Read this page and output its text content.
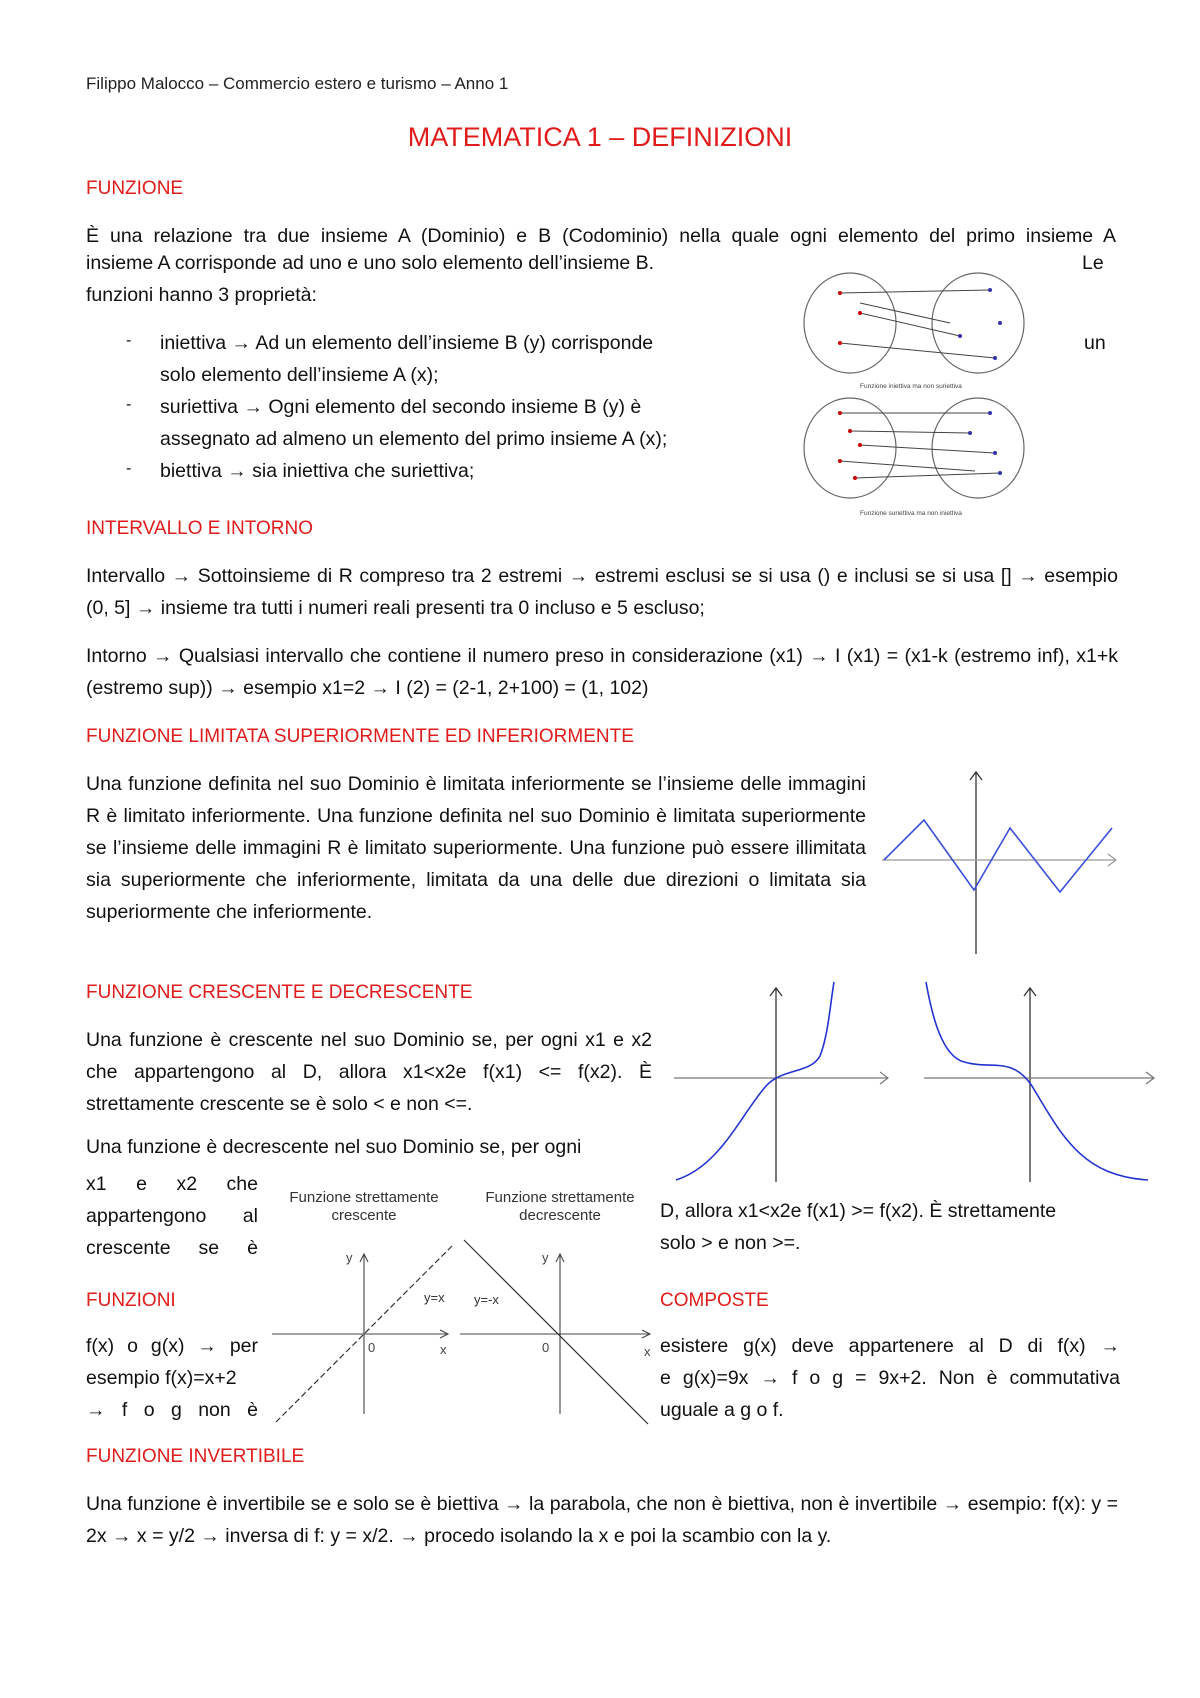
Filippo Malocco – Commercio estero e turismo – Anno 1
MATEMATICA 1 – DEFINIZIONI
FUNZIONE
È una relazione tra due insieme A (Dominio) e B (Codominio) nella quale ogni elemento del primo insieme A
insieme A corrisponde ad uno e uno solo elemento dell’insieme B.	Le
funzioni hanno 3 proprietà:
- iniettiva → Ad un elemento dell’insieme B (y) corrisponde
solo elemento dell’insieme A (x);
- suriettiva → Ogni elemento del secondo insieme B (y) è
assegnato ad almeno un elemento del primo insieme A (x);
- biettiva → sia iniettiva che suriettiva;
un
Funzione iniettiva ma non suriettiva
Funzione suriettiva ma non iniettiva
INTERVALLO E INTORNO
Intervallo → Sottoinsieme di R compreso tra 2 estremi → estremi esclusi se si usa () e inclusi se si usa [] → esempio (0, 5] → insieme tra tutti i numeri reali presenti tra 0 incluso e 5 escluso;
Intorno → Qualsiasi intervallo che contiene il numero preso in considerazione (x1) → I (x1) = (x1-k (estremo inf), x1+k (estremo sup)) → esempio x1=2 → I (2) = (2-1, 2+100) = (1, 102)
FUNZIONE LIMITATA SUPERIORMENTE ED INFERIORMENTE
Una funzione definita nel suo Dominio è limitata inferiormente se l’insieme delle immagini R è limitato inferiormente. Una funzione definita nel suo Dominio è limitata superiormente se l’insieme delle immagini R è limitato superiormente. Una funzione può essere illimitata sia superiormente che inferiormente, limitata da una delle due direzioni o limitata sia superiormente che inferiormente.
FUNZIONE CRESCENTE E DECRESCENTE
Una funzione è crescente nel suo Dominio se, per ogni x1 e x2 che appartengono al D, allora x1<x2e f(x1) <= f(x2). È strettamente crescente se è solo < e non <=.
Una funzione è decrescente nel suo Dominio se, per ogni
x1 e x2 che
appartengono al
crescente se è
D, allora x1<x2e f(x1) >= f(x2). È strettamente
solo > e non >=.
Funzione strettamente
crescente
y
x
0
y=x
Funzione strettamente
decrescente
y
x
0
y=-x
FUNZIONI	COMPOSTE
f(x) o g(x) → per
esempio f(x)=x+2
→ f o g non è
esistere g(x) deve appartenere al D di f(x) →
e g(x)=9x → f o g = 9x+2. Non è commutativa
uguale a g o f.
FUNZIONE INVERTIBILE
Una funzione è invertibile se e solo se è biettiva → la parabola, che non è biettiva, non è invertibile → esempio: f(x): y = 2x → x = y/2 → inversa di f: y = x/2. → procedo isolando la x e poi la scambio con la y.
